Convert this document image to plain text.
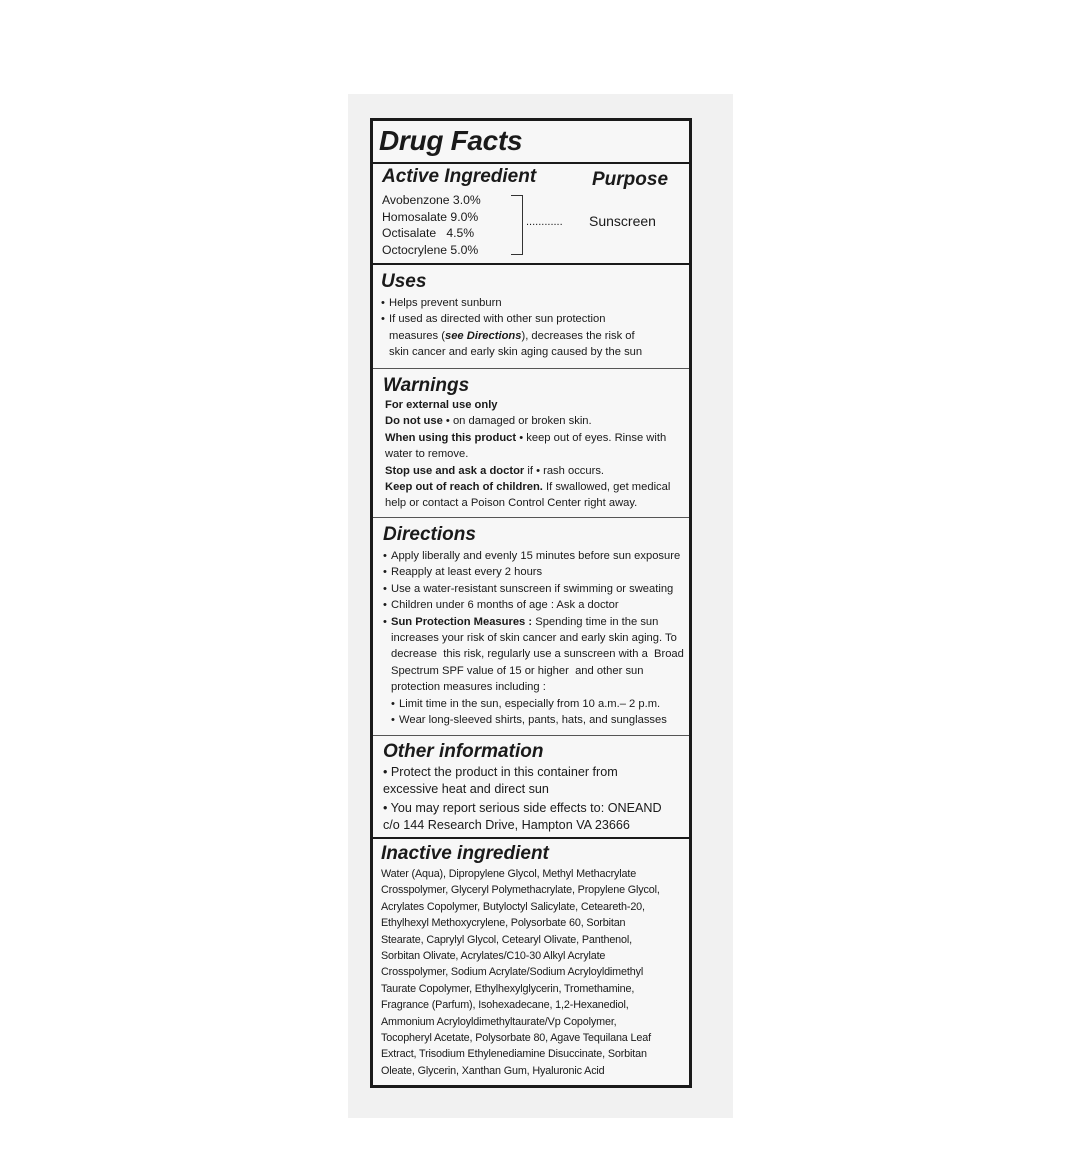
Drug Facts
Active Ingredient	Purpose
Avobenzone 3.0%
Homosalate 9.0%
Octisalate   4.5%
Octocrylene 5.0%
............ Sunscreen
Uses
• Helps prevent sunburn
• If used as directed with other sun protection
measures (see Directions), decreases the risk of
skin cancer and early skin aging caused by the sun
Warnings
For external use only
Do not use • on damaged or broken skin.
When using this product • keep out of eyes. Rinse with
water to remove.
Stop use and ask a doctor if • rash occurs.
Keep out of reach of children. If swallowed, get medical
help or contact a Poison Control Center right away.
Directions
• Apply liberally and evenly 15 minutes before sun exposure
• Reapply at least every 2 hours
• Use a water-resistant sunscreen if swimming or sweating
• Children under 6 months of age : Ask a doctor
• Sun Protection Measures : Spending time in the sun
increases your risk of skin cancer and early skin aging. To
decrease  this risk, regularly use a sunscreen with a  Broad
Spectrum SPF value of 15 or higher  and other sun
protection measures including :
• Limit time in the sun, especially from 10 a.m.– 2 p.m.
• Wear long-sleeved shirts, pants, hats, and sunglasses
Other information
• Protect the product in this container from
excessive heat and direct sun
• You may report serious side effects to: ONEAND
c/o 144 Research Drive, Hampton VA 23666
Inactive ingredient
Water (Aqua), Dipropylene Glycol, Methyl Methacrylate
Crosspolymer, Glyceryl Polymethacrylate, Propylene Glycol,
Acrylates Copolymer, Butyloctyl Salicylate, Ceteareth-20,
Ethylhexyl Methoxycrylene, Polysorbate 60, Sorbitan
Stearate, Caprylyl Glycol, Cetearyl Olivate, Panthenol,
Sorbitan Olivate, Acrylates/C10-30 Alkyl Acrylate
Crosspolymer, Sodium Acrylate/Sodium Acryloyldimethyl
Taurate Copolymer, Ethylhexylglycerin, Tromethamine,
Fragrance (Parfum), Isohexadecane, 1,2-Hexanediol,
Ammonium Acryloyldimethyltaurate/Vp Copolymer,
Tocopheryl Acetate, Polysorbate 80, Agave Tequilana Leaf
Extract, Trisodium Ethylenediamine Disuccinate, Sorbitan
Oleate, Glycerin, Xanthan Gum, Hyaluronic Acid
